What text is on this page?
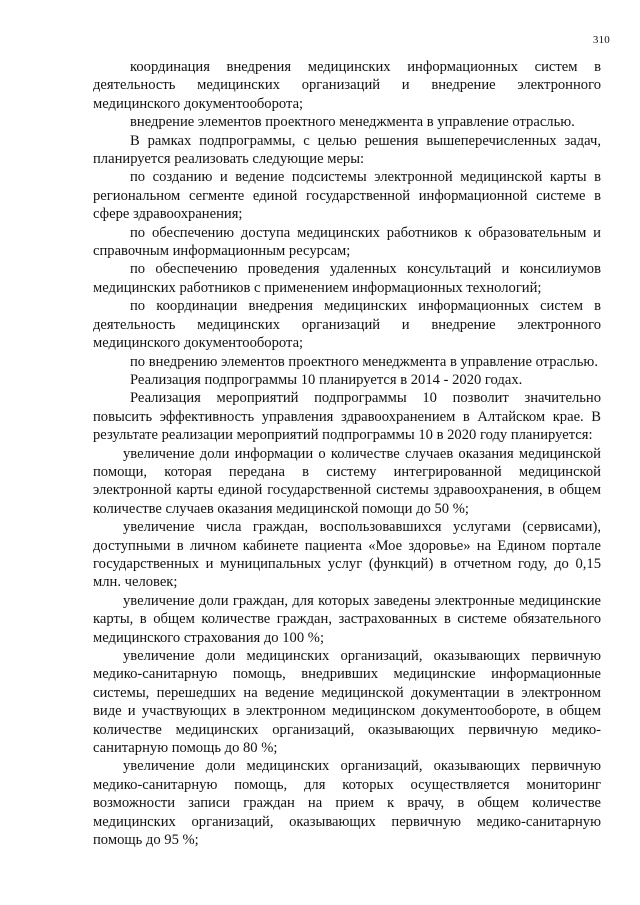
310

координация внедрения медицинских информационных систем в деятельность медицинских организаций и внедрение электронного медицинского документооборота;

внедрение элементов проектного менеджмента в управление отраслью.

В рамках подпрограммы, с целью решения вышеперечисленных задач, планируется реализовать следующие меры:

по созданию и ведение подсистемы электронной медицинской карты в региональном сегменте единой государственной информационной системе в сфере здравоохранения;

по обеспечению доступа медицинских работников к образовательным и справочным информационным ресурсам;

по обеспечению проведения удаленных консультаций и консилиумов медицинских работников с применением информационных технологий;

по координации внедрения медицинских информационных систем в деятельность медицинских организаций и внедрение электронного медицинского документооборота;

по внедрению элементов проектного менеджмента в управление отраслью.

Реализация подпрограммы 10 планируется в 2014 - 2020 годах.

Реализация мероприятий подпрограммы 10 позволит значительно повысить эффективность управления здравоохранением в Алтайском крае. В результате реализации мероприятий подпрограммы 10 в 2020 году планируется:

увеличение доли информации о количестве случаев оказания медицинской помощи, которая передана в систему интегрированной медицинской электронной карты единой государственной системы здравоохранения, в общем количестве случаев оказания медицинской помощи до 50 %;

увеличение числа граждан, воспользовавшихся услугами (сервисами), доступными в личном кабинете пациента «Мое здоровье» на Едином портале государственных и муниципальных услуг (функций) в отчетном году, до 0,15 млн. человек;

увеличение доли граждан, для которых заведены электронные медицинские карты, в общем количестве граждан, застрахованных в системе обязательного медицинского страхования до 100 %;

увеличение доли медицинских организаций, оказывающих первичную медико-санитарную помощь, внедривших медицинские информационные системы, перешедших на ведение медицинской документации в электронном виде и участвующих в электронном медицинском документообороте, в общем количестве медицинских организаций, оказывающих первичную медико-санитарную помощь до 80 %;

увеличение доли медицинских организаций, оказывающих первичную медико-санитарную помощь, для которых осуществляется мониторинг возможности записи граждан на прием к врачу, в общем количестве медицинских организаций, оказывающих первичную медико-санитарную помощь до 95 %;
